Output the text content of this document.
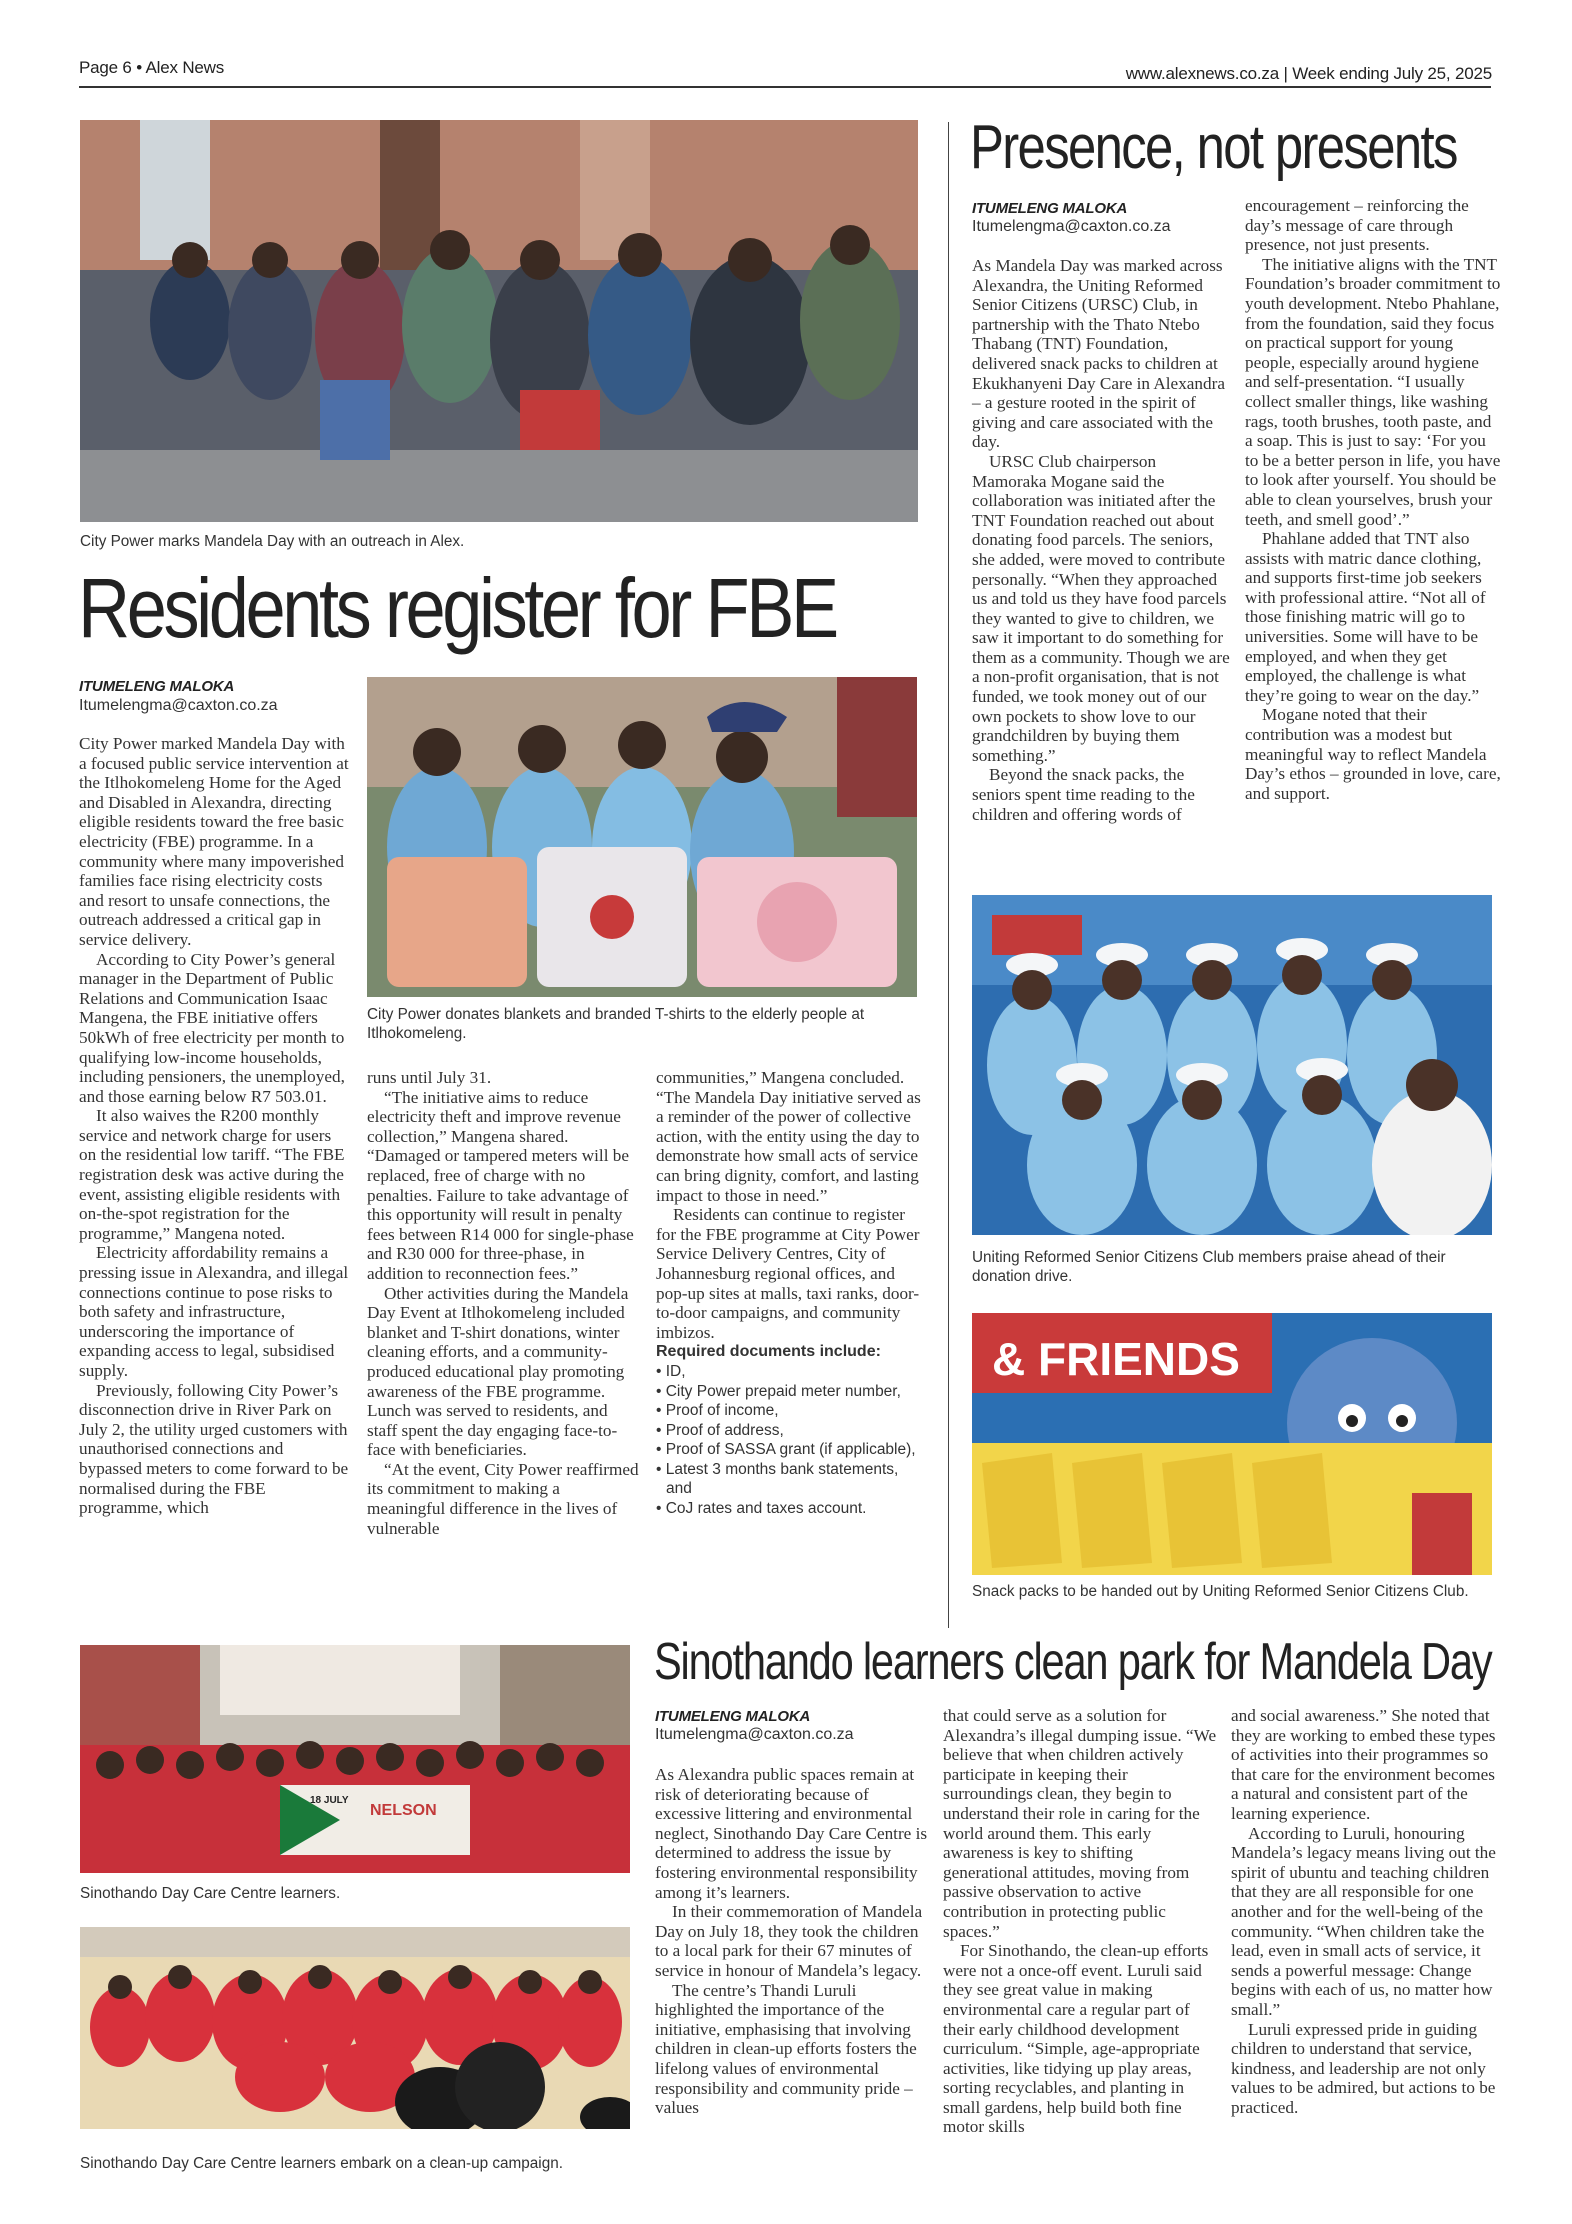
Page 6 • Alex News	www.alexnews.co.za | Week ending July 25, 2025
City Power marks Mandela Day with an outreach in Alex.
Residents register for FBE
ITUMELENG MALOKA
Itumelengma@caxton.co.za

City Power marked Mandela Day with a focused public service intervention at the Itlhokomeleng Home for the Aged and Disabled in Alexandra, directing eligible residents toward the free basic electricity (FBE) programme. In a community where many impoverished families face rising electricity costs and resort to unsafe connections, the outreach addressed a critical gap in service delivery.

According to City Power’s general manager in the Department of Public Relations and Communication Isaac Mangena, the FBE initiative offers 50kWh of free electricity per month to qualifying low-income households, including pensioners, the unemployed, and those earning below R7 503.01.

It also waives the R200 monthly service and network charge for users on the residential low tariff. “The FBE registration desk was active during the event, assisting eligible residents with on-the-spot registration for the programme,” Mangena noted.

Electricity affordability remains a pressing issue in Alexandra, and illegal connections continue to pose risks to both safety and infrastructure, underscoring the importance of expanding access to legal, subsidised supply.

Previously, following City Power’s disconnection drive in River Park on July 2, the utility urged customers with unauthorised connections and bypassed meters to come forward to be normalised during the FBE programme, which

City Power donates blankets and branded T-shirts to the elderly people at Itlhokomeleng.

runs until July 31.

“The initiative aims to reduce electricity theft and improve revenue collection,” Mangena shared. “Damaged or tampered meters will be replaced, free of charge with no penalties. Failure to take advantage of this opportunity will result in penalty fees between R14 000 for single-phase and R30 000 for three-phase, in addition to reconnection fees.”

Other activities during the Mandela Day Event at Itlhokomeleng included blanket and T-shirt donations, winter cleaning efforts, and a community-produced educational play promoting awareness of the FBE programme. Lunch was served to residents, and staff spent the day engaging face-to-face with beneficiaries.

“At the event, City Power reaffirmed its commitment to making a meaningful difference in the lives of vulnerable

communities,” Mangena concluded. “The Mandela Day initiative served as a reminder of the power of collective action, with the entity using the day to demonstrate how small acts of service can bring dignity, comfort, and lasting impact to those in need.”

Residents can continue to register for the FBE programme at City Power Service Delivery Centres, City of Johannesburg regional offices, and pop-up sites at malls, taxi ranks, door-to-door campaigns, and community imbizos.

Required documents include:

• ID,

• City Power prepaid meter number,

• Proof of income,

• Proof of address,

• Proof of SASSA grant (if applicable),

• Latest 3 months bank statements, and

• CoJ rates and taxes account.

Presence, not presents
ITUMELENG MALOKA
Itumelengma@caxton.co.za

As Mandela Day was marked across Alexandra, the Uniting Reformed Senior Citizens (URSC) Club, in partnership with the Thato Ntebo Thabang (TNT) Foundation, delivered snack packs to children at Ekukhanyeni Day Care in Alexandra – a gesture rooted in the spirit of giving and care associated with the day.

URSC Club chairperson Mamoraka Mogane said the collaboration was initiated after the TNT Foundation reached out about donating food parcels. The seniors, she added, were moved to contribute personally. “When they approached us and told us they have food parcels they wanted to give to children, we saw it important to do something for them as a community. Though we are a non-profit organisation, that is not funded, we took money out of our own pockets to show love to our grandchildren by buying them something.”

Beyond the snack packs, the seniors spent time reading to the children and offering words of

encouragement – reinforcing the day’s message of care through presence, not just presents.

The initiative aligns with the TNT Foundation’s broader commitment to youth development. Ntebo Phahlane, from the foundation, said they focus on practical support for young people, especially around hygiene and self-presentation. “I usually collect smaller things, like washing rags, tooth brushes, tooth paste, and a soap. This is just to say: ‘For you to be a better person in life, you have to look after yourself. You should be able to clean yourselves, brush your teeth, and smell good’.”

Phahlane added that TNT also assists with matric dance clothing, and supports first-time job seekers with professional attire. “Not all of those finishing matric will go to universities. Some will have to be employed, and when they get employed, the challenge is what they’re going to wear on the day.”

Mogane noted that their contribution was a modest but meaningful way to reflect Mandela Day’s ethos – grounded in love, care, and support.

Uniting Reformed Senior Citizens Club members praise ahead of their donation drive.
& FRIENDS
Snack packs to be handed out by Uniting Reformed Senior Citizens Club.
NELSON
18 JULY
Sinothando Day Care Centre learners.
Sinothando Day Care Centre learners embark on a clean-up campaign.
Sinothando learners clean park for Mandela Day
ITUMELENG MALOKA
Itumelengma@caxton.co.za

As Alexandra public spaces remain at risk of deteriorating because of excessive littering and environmental neglect, Sinothando Day Care Centre is determined to address the issue by fostering environmental responsibility among it’s learners.

In their commemoration of Mandela Day on July 18, they took the children to a local park for their 67 minutes of service in honour of Mandela’s legacy.

The centre’s Thandi Luruli highlighted the importance of the initiative, emphasising that involving children in clean-up efforts fosters the lifelong values of environmental responsibility and community pride – values

that could serve as a solution for Alexandra’s illegal dumping issue. “We believe that when children actively participate in keeping their surroundings clean, they begin to understand their role in caring for the world around them. This early awareness is key to shifting generational attitudes, moving from passive observation to active contribution in protecting public spaces.”

For Sinothando, the clean-up efforts were not a once-off event. Luruli said they see great value in making environmental care a regular part of their early childhood development curriculum. “Simple, age-appropriate activities, like tidying up play areas, sorting recyclables, and planting in small gardens, help build both fine motor skills

and social awareness.” She noted that they are working to embed these types of activities into their programmes so that care for the environment becomes a natural and consistent part of the learning experience.

According to Luruli, honouring Mandela’s legacy means living out the spirit of ubuntu and teaching children that they are all responsible for one another and for the well-being of the community. “When children take the lead, even in small acts of service, it sends a powerful message: Change begins with each of us, no matter how small.”

Luruli expressed pride in guiding children to understand that service, kindness, and leadership are not only values to be admired, but actions to be practiced.
